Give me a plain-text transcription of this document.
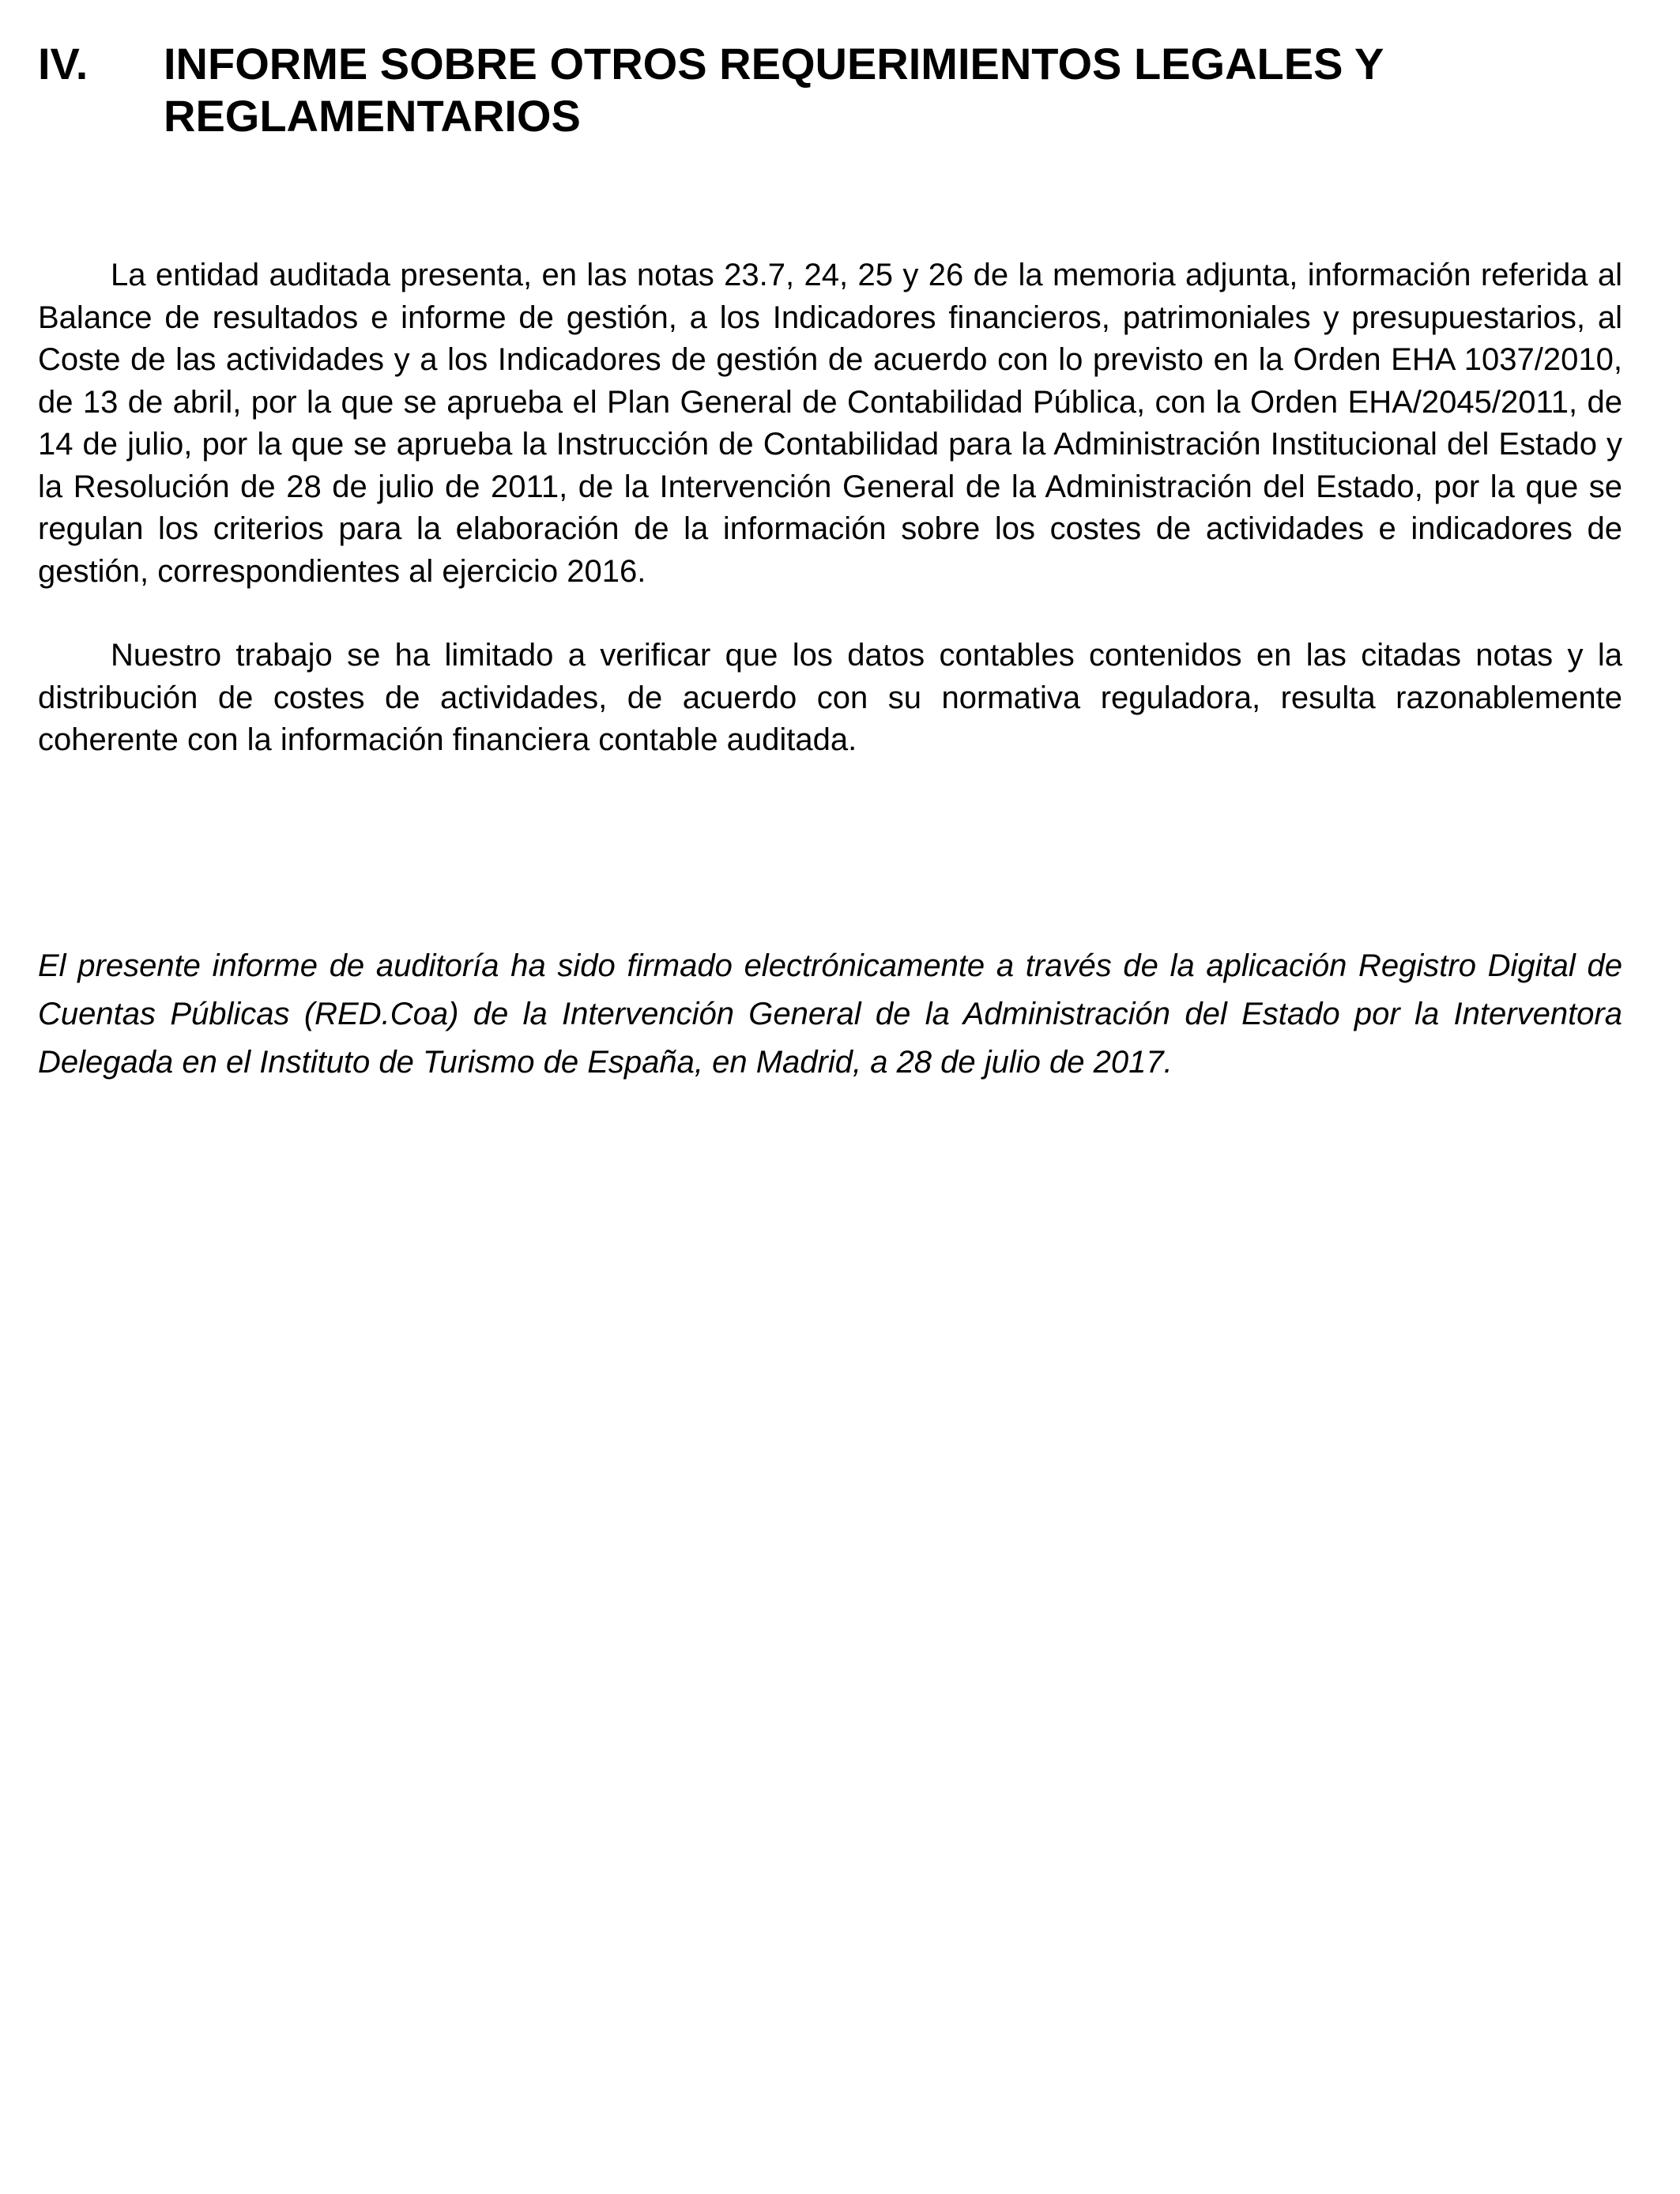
IV.	INFORME SOBRE OTROS REQUERIMIENTOS LEGALES Y REGLAMENTARIOS

La entidad auditada presenta, en las notas 23.7, 24, 25 y 26 de la memoria adjunta, información referida al Balance de resultados e informe de gestión, a los Indicadores financieros, patrimoniales y presupuestarios, al Coste de las actividades y a los Indicadores de gestión de acuerdo con lo previsto en la Orden EHA 1037/2010, de 13 de abril, por la que se aprueba el Plan General de Contabilidad Pública, con la Orden EHA/2045/2011, de 14 de julio, por la que se aprueba la Instrucción de Contabilidad para la Administración Institucional del Estado y la Resolución de 28 de julio de 2011, de la Intervención General de la Administración del Estado, por la que se regulan los criterios para la elaboración de la información sobre los costes de actividades e indicadores de gestión, correspondientes al ejercicio 2016.

Nuestro trabajo se ha limitado a verificar que los datos contables contenidos en las citadas notas y la distribución de costes de actividades, de acuerdo con su normativa reguladora, resulta razonablemente coherente con la información financiera contable auditada.

El presente informe de auditoría ha sido firmado electrónicamente a través de la aplicación Registro Digital de Cuentas Públicas (RED.Coa) de la Intervención General de la Administración del Estado por la Interventora Delegada en el Instituto de Turismo de España, en Madrid, a 28 de julio de 2017.
